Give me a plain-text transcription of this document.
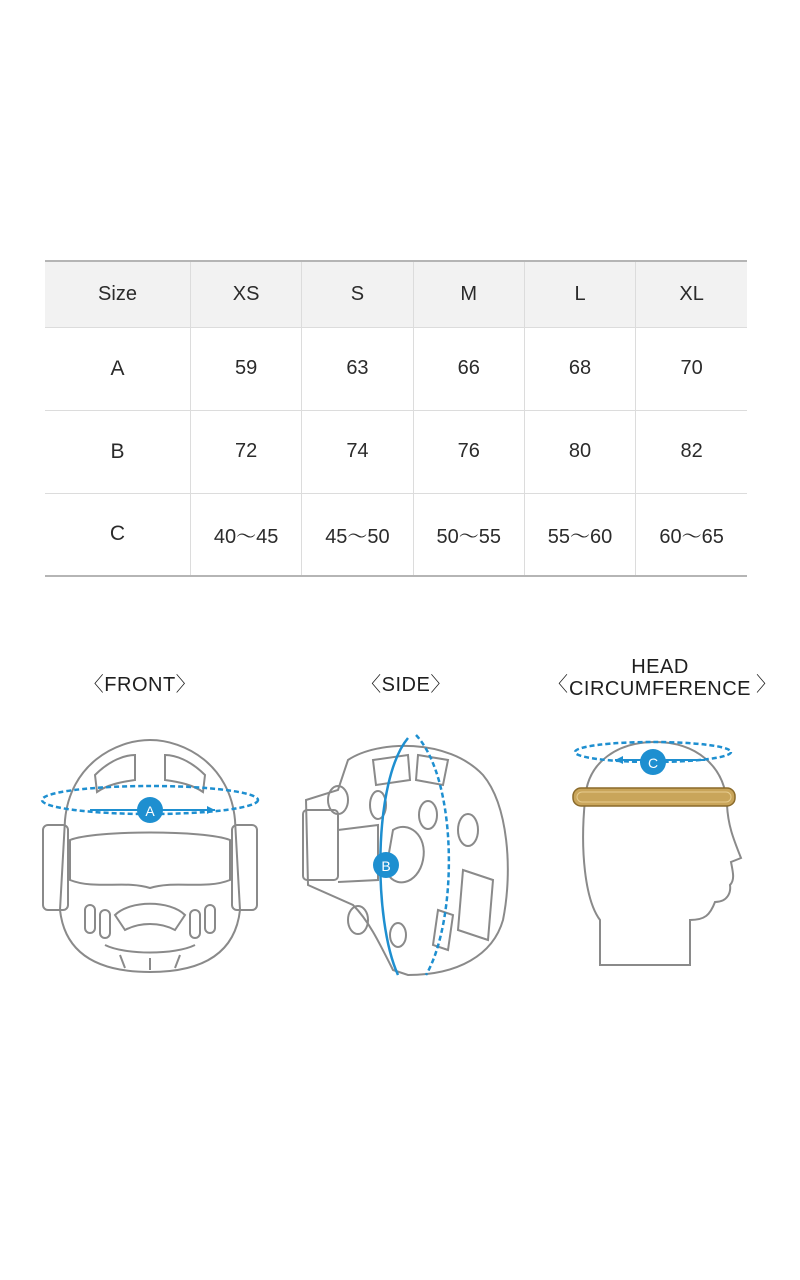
Size	XS	S	M	L	XL
A	59	63	66	68	70
B	72	74	76	80	82
C	40～45	45～50	50～55	55～60	60～65
〈FRONT〉	〈SIDE〉
HEAD
CIRCUMFERENCE
〈	〉
A
B
C
